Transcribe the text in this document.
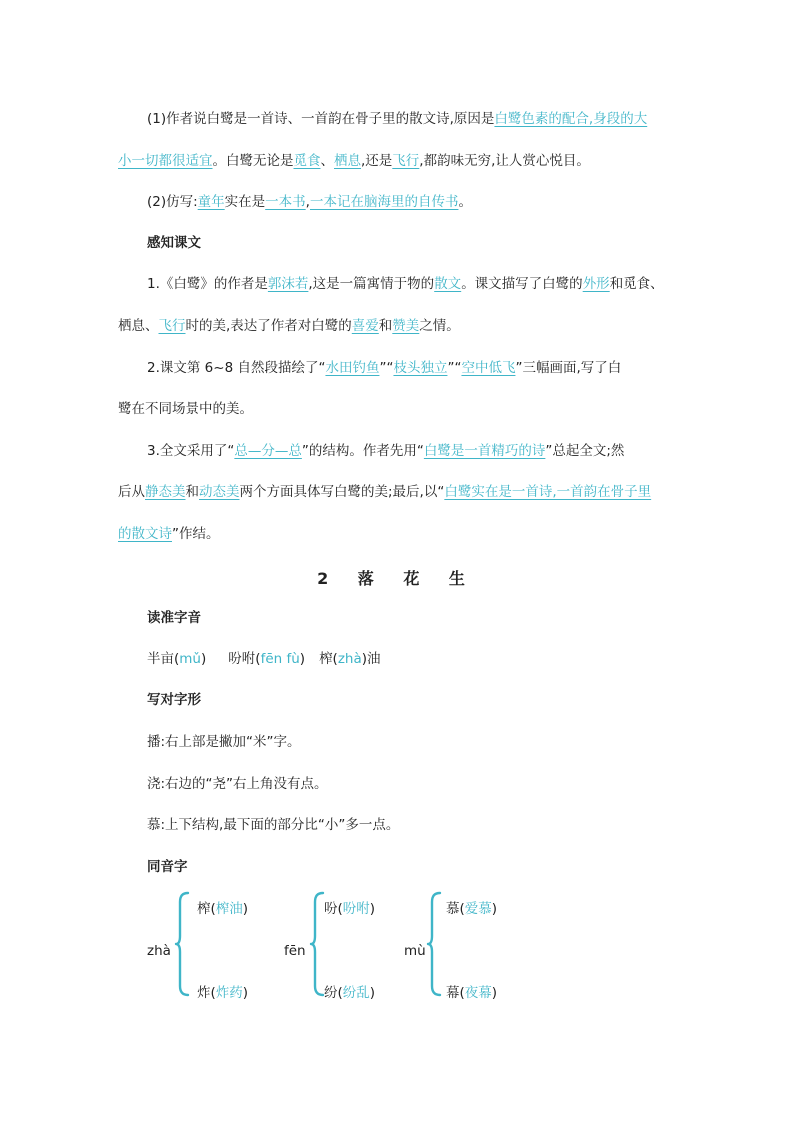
(1)作者说白鹭是一首诗、一首韵在骨子里的散文诗,原因是白鹭色素的配合,身段的大
小一切都很适宜。白鹭无论是觅食、栖息,还是飞行,都韵味无穷,让人赏心悦目。
(2)仿写:童年实在是一本书,一本记在脑海里的自传书。
感知课文
1.《白鹭》的作者是郭沫若,这是一篇寓情于物的散文。课文描写了白鹭的外形和觅食、
栖息、飞行时的美,表达了作者对白鹭的喜爱和赞美之情。
2.课文第 6~8 自然段描绘了“水田钓鱼”“枝头独立”“空中低飞”三幅画面,写了白
鹭在不同场景中的美。
3.全文采用了“总—分—总”的结构。作者先用“白鹭是一首精巧的诗”总起全文;然
后从静态美和动态美两个方面具体写白鹭的美;最后,以“白鹭实在是一首诗,一首韵在骨子里
的散文诗”作结。
2 落 花 生
读准字音
半亩(mǔ) 吩咐(fēn fù) 榨(zhà)油
写对字形
播:右上部是撇加“米”字。
浇:右边的“尧”右上角没有点。
慕:上下结构,最下面的部分比“小”多一点。
同音字
zhà
榨(榨油)
炸(炸药)
fēn
吩(吩咐)
纷(纷乱)
mù
慕(爱慕)
幕(夜幕)
